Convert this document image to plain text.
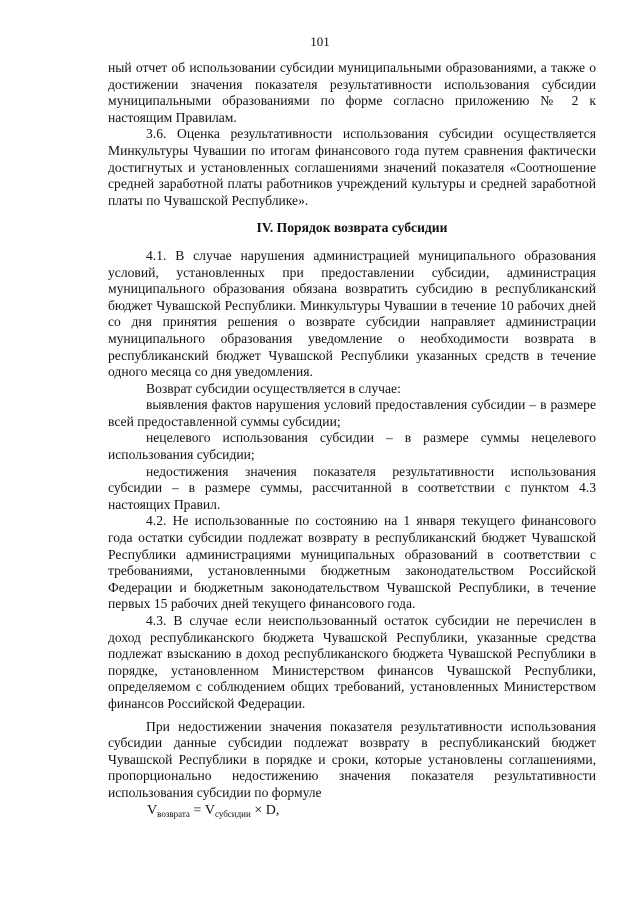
101

ный отчет об использовании субсидии муниципальными образованиями, а также о достижении значения показателя результативности использования субсидии муниципальными образованиями по форме согласно приложению № 2 к настоящим Правилам.

3.6. Оценка результативности использования субсидии осуществляется Минкультуры Чувашии по итогам финансового года путем сравнения фактически достигнутых и установленных соглашениями значений показателя «Соотношение средней заработной платы работников учреждений культуры и средней заработной платы по Чувашской Республике».

IV. Порядок возврата субсидии

4.1. В случае нарушения администрацией муниципального образования условий, установленных при предоставлении субсидии, администрация муниципального образования обязана возвратить субсидию в республиканский бюджет Чувашской Республики. Минкультуры Чувашии в течение 10 рабочих дней со дня принятия решения о возврате субсидии направляет администрации муниципального образования уведомление о необходимости возврата в республиканский бюджет Чувашской Республики указанных средств в течение одного месяца со дня уведомления.

Возврат субсидии осуществляется в случае:

выявления фактов нарушения условий предоставления субсидии – в размере всей предоставленной суммы субсидии;

нецелевого использования субсидии – в размере суммы нецелевого использования субсидии;

недостижения значения показателя результативности использования субсидии – в размере суммы, рассчитанной в соответствии с пунктом 4.3 настоящих Правил.

4.2. Не использованные по состоянию на 1 января текущего финансового года остатки субсидии подлежат возврату в республиканский бюджет Чувашской Республики администрациями муниципальных образований в соответствии с требованиями, установленными бюджетным законодательством Российской Федерации и бюджетным законодательством Чувашской Республики, в течение первых 15 рабочих дней текущего финансового года.

4.3. В случае если неиспользованный остаток субсидии не перечислен в доход республиканского бюджета Чувашской Республики, указанные средства подлежат взысканию в доход республиканского бюджета Чувашской Республики в порядке, установленном Министерством финансов Чувашской Республики, определяемом с соблюдением общих требований, установленных Министерством финансов Российской Федерации.

При недостижении значения показателя результативности использования субсидии данные субсидии подлежат возврату в республиканский бюджет Чувашской Республики в порядке и сроки, которые установлены соглашениями, пропорционально недостижению значения показателя результативности использования субсидии по формуле

$V_{возврата} = V_{субсидии} \times D$,
